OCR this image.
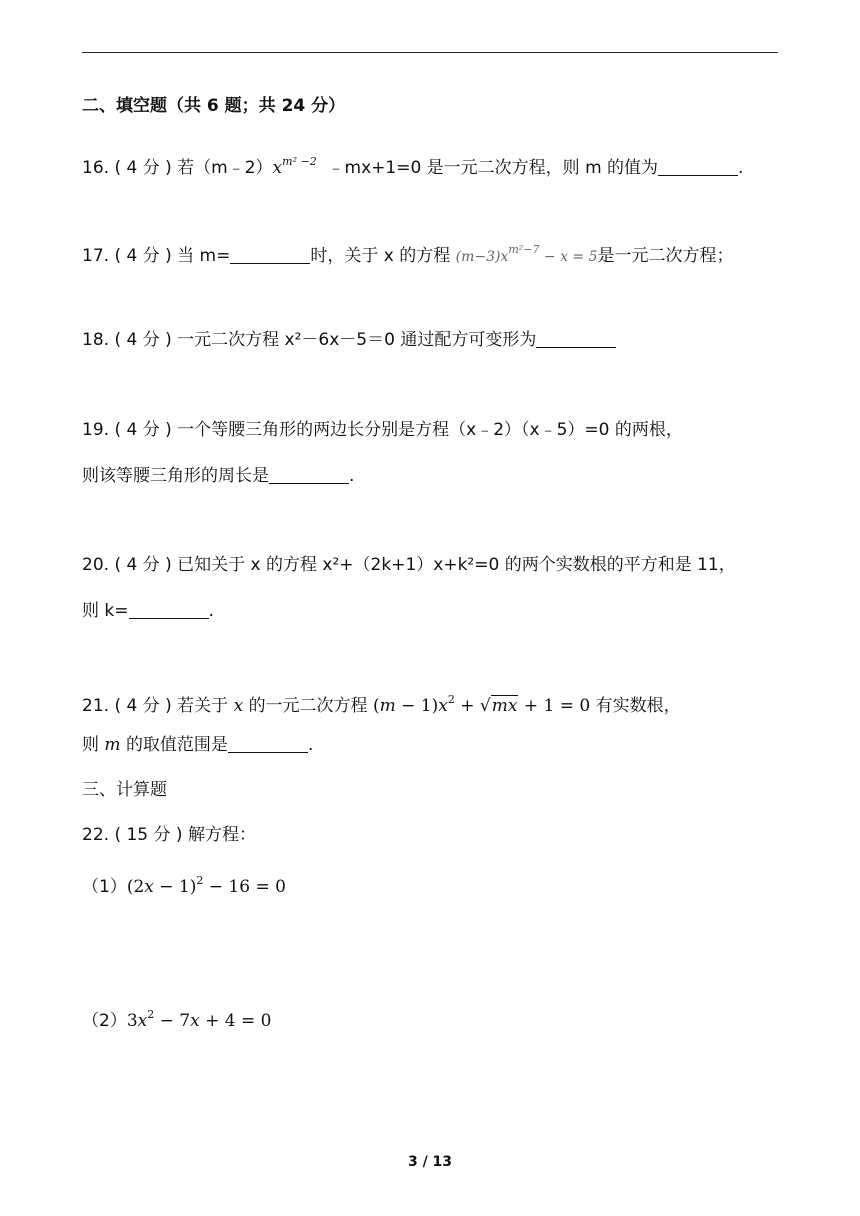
二、填空题（共 6 题；共 24 分）
16. ( 4 分 ) 若$(m﹣2)x^{m^2 -2}$ ﹣mx+1=0 是一元二次方程，则 m 的值为	.
17. ( 4 分 ) 当 m=	时，关于 x 的方程 $(m-3)x^{m^2-7} - x = 5$是一元二次方程；
18. ( 4 分 ) 一元二次方程 x²－6x－5＝0 通过配方可变形为
19. ( 4 分 ) 一个等腰三角形的两边长分别是方程（x﹣2）（x﹣5）=0 的两根，
则该等腰三角形的周长是	.
20. ( 4 分 ) 已知关于 x 的方程 x²+（2k+1）x+k²=0 的两个实数根的平方和是 11，
则 k=	.
21. ( 4 分 ) 若关于 x 的一元二次方程 $(m - 1)x^2 + √mx + 1 = 0$ 有实数根，
则 m 的取值范围是	.
三、计算题
22. ( 15 分 ) 解方程：
$(1)(2x - 1)^2 - 16 = 0$
$(2)3x^2 - 7x + 4 = 0$
3 / 13
